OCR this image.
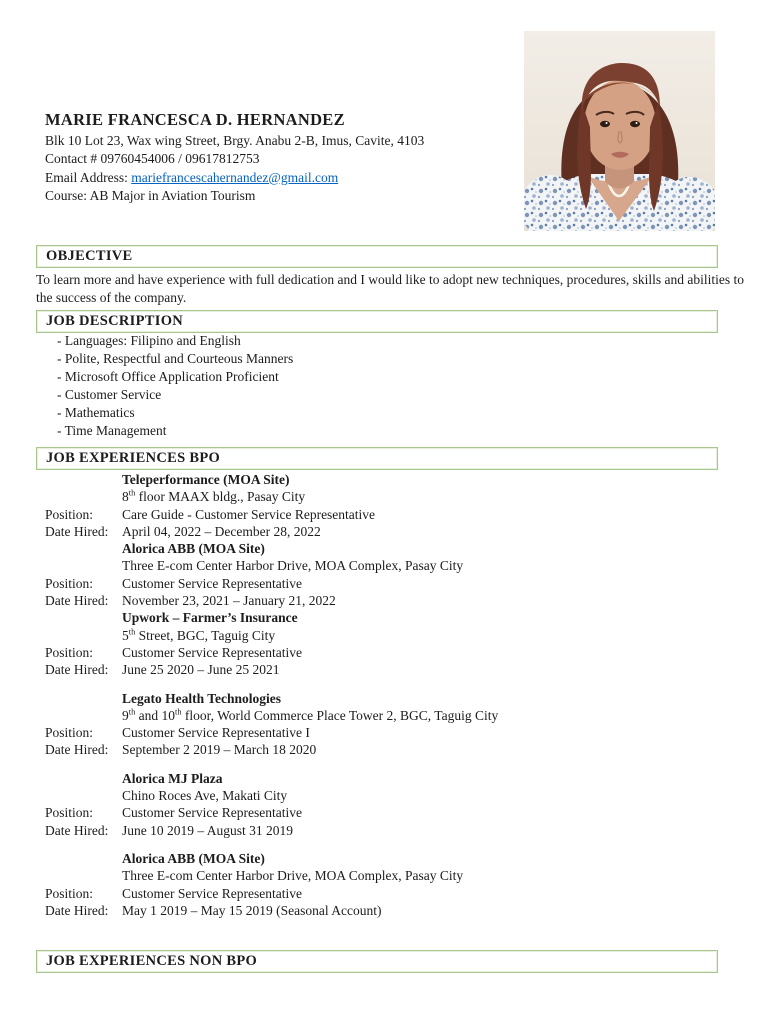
MARIE FRANCESCA D. HERNANDEZ
Blk 10 Lot 23, Wax wing Street, Brgy. Anabu 2-B, Imus, Cavite, 4103
Contact # 09760454006 / 09617812753
Email Address: mariefrancescahernandez@gmail.com
Course: AB Major in Aviation Tourism
OBJECTIVE
To learn more and have experience with full dedication and I would like to adopt new techniques, procedures, skills and abilities to the success of the company.
JOB DESCRIPTION
- Languages: Filipino and English
- Polite, Respectful and Courteous Manners
- Microsoft Office Application Proficient
- Customer Service
- Mathematics
- Time Management
JOB EXPERIENCES BPO
Teleperformance (MOA Site)
8th floor MAAX bldg., Pasay City
Position:	Care Guide - Customer Service Representative
Date Hired:	April 04, 2022 – December 28, 2022
Alorica ABB (MOA Site)
Three E-com Center Harbor Drive, MOA Complex, Pasay City
Position:	Customer Service Representative
Date Hired:	November 23, 2021 – January 21, 2022
Upwork – Farmer’s Insurance
5th Street, BGC, Taguig City
Position:	Customer Service Representative
Date Hired:	June 25 2020 – June 25 2021
Legato Health Technologies
9th and 10th floor, World Commerce Place Tower 2, BGC, Taguig City
Position:	Customer Service Representative I
Date Hired:	September 2 2019 – March 18 2020
Alorica MJ Plaza
Chino Roces Ave, Makati City
Position:	Customer Service Representative
Date Hired:	June 10 2019 – August 31 2019
Alorica ABB (MOA Site)
Three E-com Center Harbor Drive, MOA Complex, Pasay City
Position:	Customer Service Representative
Date Hired:	May 1 2019 – May 15 2019 (Seasonal Account)
JOB EXPERIENCES NON BPO
